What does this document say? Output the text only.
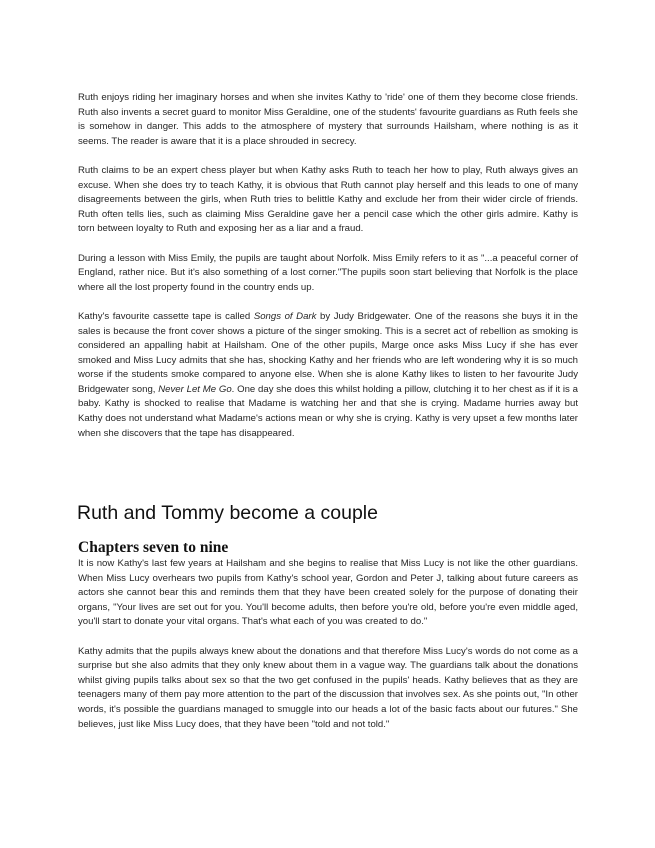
Ruth enjoys riding her imaginary horses and when she invites Kathy to 'ride' one of them they become close friends. Ruth also invents a secret guard to monitor Miss Geraldine, one of the students' favourite guardians as Ruth feels she is somehow in danger. This adds to the atmosphere of mystery that surrounds Hailsham, where nothing is as it seems. The reader is aware that it is a place shrouded in secrecy.

Ruth claims to be an expert chess player but when Kathy asks Ruth to teach her how to play, Ruth always gives an excuse. When she does try to teach Kathy, it is obvious that Ruth cannot play herself and this leads to one of many disagreements between the girls, when Ruth tries to belittle Kathy and exclude her from their wider circle of friends. Ruth often tells lies, such as claiming Miss Geraldine gave her a pencil case which the other girls admire. Kathy is torn between loyalty to Ruth and exposing her as a liar and a fraud.

During a lesson with Miss Emily, the pupils are taught about Norfolk. Miss Emily refers to it as "...a peaceful corner of England, rather nice. But it's also something of a lost corner."The pupils soon start believing that Norfolk is the place where all the lost property found in the country ends up.

Kathy's favourite cassette tape is called Songs of Dark by Judy Bridgewater. One of the reasons she buys it in the sales is because the front cover shows a picture of the singer smoking. This is a secret act of rebellion as smoking is considered an appalling habit at Hailsham. One of the other pupils, Marge once asks Miss Lucy if she has ever smoked and Miss Lucy admits that she has, shocking Kathy and her friends who are left wondering why it is so much worse if the students smoke compared to anyone else. When she is alone Kathy likes to listen to her favourite Judy Bridgewater song, Never Let Me Go. One day she does this whilst holding a pillow, clutching it to her chest as if it is a baby. Kathy is shocked to realise that Madame is watching her and that she is crying. Madame hurries away but Kathy does not understand what Madame's actions mean or why she is crying. Kathy is very upset a few months later when she discovers that the tape has disappeared.

Ruth and Tommy become a couple
Chapters seven to nine

It is now Kathy's last few years at Hailsham and she begins to realise that Miss Lucy is not like the other guardians. When Miss Lucy overhears two pupils from Kathy's school year, Gordon and Peter J, talking about future careers as actors she cannot bear this and reminds them that they have been created solely for the purpose of donating their organs, "Your lives are set out for you. You'll become adults, then before you're old, before you're even middle aged, you'll start to donate your vital organs. That's what each of you was created to do."

Kathy admits that the pupils always knew about the donations and that therefore Miss Lucy's words do not come as a surprise but she also admits that they only knew about them in a vague way. The guardians talk about the donations whilst giving pupils talks about sex so that the two get confused in the pupils' heads. Kathy believes that as they are teenagers many of them pay more attention to the part of the discussion that involves sex. As she points out, "In other words, it's possible the guardians managed to smuggle into our heads a lot of the basic facts about our futures." She believes, just like Miss Lucy does, that they have been "told and not told."
